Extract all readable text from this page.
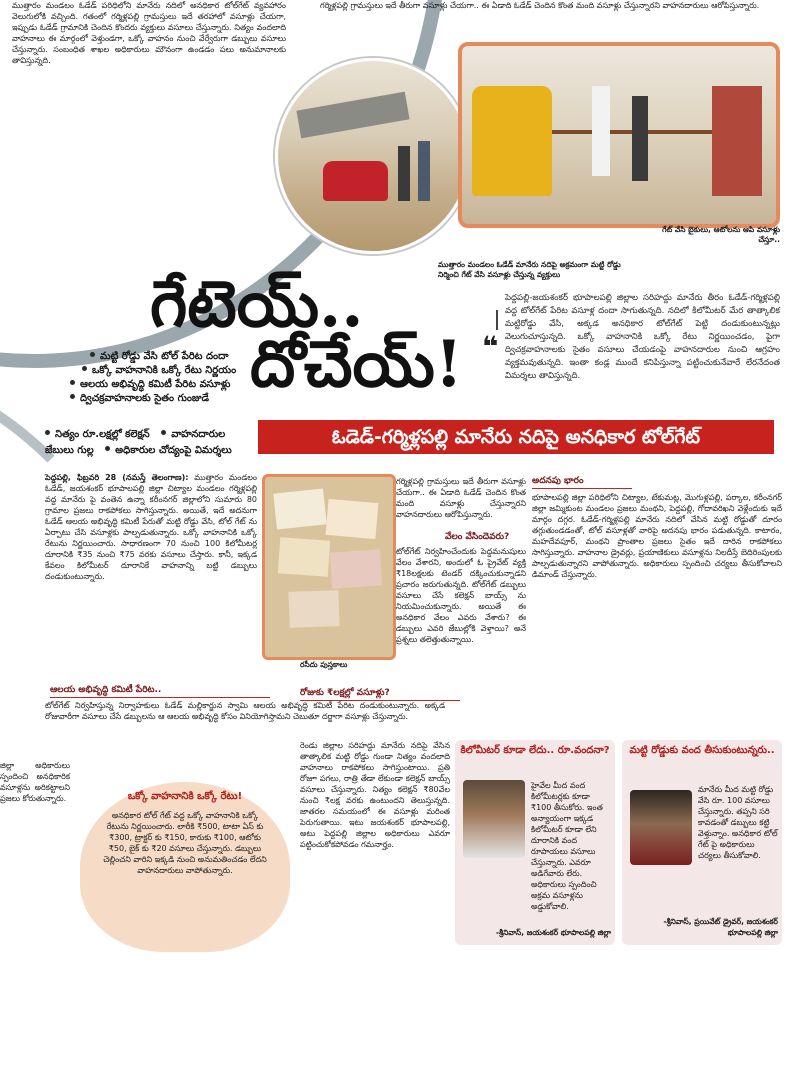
ముత్తారం మండలం ఓడేడ్ పరిధిలోని మానేరు నదిలో అనధికార టోల్‌గేట్ వ్యవహారం వెలుగులోకి వచ్చింది. గతంలో గర్మిళ్లపల్లి గ్రామస్తులు ఇదే తరహాలో వసూళ్లు చేయగా, ఇప్పుడు ఓడేడ్ గ్రామానికి చెందిన కొందరు వ్యక్తులు వసూలు చేస్తున్నారు. నిత్యం వందలాది వాహనాలు ఈ మార్గంలో వెళ్తుండగా, ఒక్కో వాహనం నుంచి వేర్వేరుగా డబ్బులు వసూలు చేస్తున్నారు. సంబంధిత శాఖల అధికారులు మౌనంగా ఉండడం పలు అనుమానాలకు తావిస్తున్నది.

గర్మిళ్లపల్లి గ్రామస్తులు ఇదే తీరుగా వసూళ్లు చేయగా.. ఈ ఏడాది ఓడేడ్ చెందిన కొంత మంది వసూళ్లు చేస్తున్నారని వాహనదారులు ఆరోపిస్తున్నారు.

గేట్ వేసి బైకులు, ఆటోలను ఆపి వసూళ్లు చేస్తూ..
ముత్తారం మండలం ఓడేడ్ మానేరు నదిపై అక్రమంగా మట్టి రోడ్డు నిర్మించి గేట్ వేసి వసూళ్లు చేస్తున్న వ్యక్తులు
గేటెయ్..
దోచేయ్! ❝
పెద్దపల్లి-జయశంకర్ భూపాలపల్లి జిల్లాల సరిహద్దు మానేరు తీరం ఓడేడ్-గర్మిళ్లపల్లి వద్ద టోల్‌గేట్ పేరిట వసూళ్ల దందా సాగుతున్నది. నదిలో కిలోమీటర్ మేర తాత్కాలిక మట్టిరోడ్డు వేసి, అక్కడ అనధికార టోల్‌గేట్ పెట్టి దండుకుంటున్నట్లు వెలుగుచూస్తున్నది. ఒక్కో వాహనానికి ఒక్కో రేటు నిర్ణయించడం, పైగా ద్విచక్రవాహనాలకు సైతం వసూలు చేయడంపై వాహనదారుల నుంచి ఆగ్రహం వ్యక్తమవుతున్నది. ఇంతా కండ్ల ముందే కనిపిస్తున్నా పట్టించుకునేవారే లేరనేదంత విమర్శలు తావిస్తున్నది.
మట్టి రోడ్డు వేసి టోల్ పేరిట దందా
ఒక్కో వాహనానికి ఒక్కో రేటు నిర్ణయం
ఆలయ అభివృద్ధి కమిటీ పేరిట వసూళ్లు
ద్విచక్రవాహనాలకు సైతం గుంజుడే
నిత్యం రూ.లక్షల్లో కలెక్షన్ వాహనదారుల
జేబులు గుల్ల అధికారుల చోద్యంపై విమర్శలు
ఓడెడ్-గర్మిళ్లపల్లి మానేరు నదిపై అనధికార టోల్‌గేట్

పెద్దపల్లి, ఫిబ్రవరి 28 (నమస్తే తెలంగాణ): ముత్తారం మండలం ఓడేడ్, జయశంకర్ భూపాలపల్లి జిల్లా చిట్యాల మండలం గర్మిళ్లపల్లి వద్ద మానేరు పై వంతెన ఉన్నా కరీంనగర్ జిల్లాలోని సుమారు 80 గ్రామాల ప్రజలు రాకపోకలు సాగిస్తున్నారు. అయితే, ఇదే అదనుగా ఓడేడ్ ఆలయ అభివృద్ధి కమిటీ పేరుతో మట్టి రోడ్డు వేసి, టోల్ గేట్ ను ఏర్పాటు చేసి వసూళ్లకు పాల్పడుతున్నారు. ఒక్కో వాహనానికి ఒక్కో రేటును నిర్ణయించారు. సాధారణంగా 70 నుంచి 100 కిలోమీటర్ల దూరానికి ₹35 నుంచి ₹75 వరకు వసూలు చేస్తారు. కానీ, ఇక్కడ కేవలం కిలోమీటర్ దూరానికే వాహనాన్ని బట్టి డబ్బులు దండుకుంటున్నారు.

ఆలయ అభివృద్ధి కమిటీ పేరిట..
టోల్‌గేట్ నిర్వహిస్తున్న నిర్వాహకులు ఓడేడ్ మల్లికార్జున స్వామి ఆలయ అభివృద్ధి కమిటీ పేరిట దండుకుంటున్నారు. అక్కడ రోజువారీగా వసూలు చేసే డబ్బులను ఆ ఆలయ అభివృద్ధి కోసం వినియోగిస్తామని చెబుతూ దర్జాగా వసూళ్లు చేస్తున్నారు.
రసీదు పుస్తకాలు
గర్మిళ్లపల్లి గ్రామస్తులు ఇదే తీరుగా వసూళ్లు చేయగా.. ఈ ఏడాది ఓడేడ్ చెందిన కొంత మంది వసూళ్లు చేస్తున్నారని వాహనదారులు ఆరోపిస్తున్నారు.
వేలం వేసిందెవరు?
టోల్‌గేట్ నిర్వహించేందుకు పెద్దమనుషులు వేలం వేశారని, అందులో ఓ ప్రైవేట్ వ్యక్తి ₹18లక్షలకు టెండర్ దక్కించుకున్నాడని ప్రచారం జరుగుతున్నది. టోల్‌గేట్ డబ్బులు వసూలు చేసే కలెక్షన్ బాయ్స్ ను నియమించుకున్నారు. అయితే ఈ అనధికార వేలం ఎవరు వేశారు? ఈ డబ్బులు ఎవరి జేబుల్లోకి వెళ్తాయి? అనే ప్రశ్నలు తలెత్తుతున్నాయి.
ఒక్కో వాహనానికి ఒక్కో రేటు!
అనధికార టోల్ గేట్ వద్ద ఒక్కో వాహనానికి ఒక్కో రేటును నిర్ణయించారు. లారీకి ₹500, టాటా ఏస్ కు ₹300, ట్రాక్టర్ కు ₹150, కారుకు ₹100, ఆటోకు ₹50, బైక్ కు ₹20 వసూలు చేస్తున్నారు. డబ్బులు చెల్లించని వారిని ఇక్కడి నుంచి అనుమతించడం లేదని వాహనదారులు వాపోతున్నారు.
జిల్లా అధికారులు స్పందించి అనధికారిక వసూళ్లను అరికట్టాలని ప్రజలు కోరుతున్నారు.
రోజుకు ₹లక్షల్లో వసూళ్లు?
రెండు జిల్లాల సరిహద్దు మానేరు నదిపై వేసిన తాత్కాలిక మట్టి రోడ్డు గుండా నిత్యం వందలాది వాహనాలు రాకపోకలు సాగిస్తుంటాయి. ప్రతి రోజూ పగలు, రాత్రి తేడా లేకుండా కలెక్షన్ బాయ్స్ వసూలు చేస్తున్నారు. నిత్యం కలెక్షన్ ₹80వేల నుంచి ₹లక్ష వరకు ఉంటుందని తెలుస్తున్నది. జాతరల సమయంలో ఈ వసూళ్లు మరింత పెరుగుతాయి. ఇటు జయశంకర్ భూపాలపల్లి, అటు పెద్దపల్లి జిల్లాల అధికారులు ఎవరూ పట్టించుకోకపోవడం గమనార్హం.
అదనపు భారం
భూపాలపల్లి జిల్లా పరిధిలోని చిట్యాల, టేకుమట్ల, మొగుళ్లపల్లి, పర్కాల, కరీంనగర్ జిల్లా జమ్మికుంట మండలం ప్రజలు మంథని, పెద్దపల్లి, గోదావరిఖని వెళ్లేందుకు ఇదే మార్గం దగ్గర. ఓడేడ్-గర్మిళ్లపల్లి మానేరు నదిలో వేసిన మట్టి రోడ్డుతో దూరం తగ్గుతుండడంతో, టోల్ వసూళ్లతో వారిపై అదనపు భారం పడుతున్నది. కాటారం, మహదేవపూర్, మంథని ప్రాంతాల ప్రజలు సైతం ఇదే దారిన రాకపోకలు సాగిస్తున్నారు. వాహనాల డ్రైవర్లు, ప్రయాణికులు వసూళ్లను నిలదీస్తే బెదిరింపులకు పాల్పడుతున్నారని వాపోతున్నారు. అధికారులు స్పందించి చర్యలు తీసుకోవాలని డిమాండ్ చేస్తున్నారు.
కిలోమీటర్ కూడా లేదు.. రూ.వందనా?
హైవేల మీద వంద కిలోమీటర్లకు కూడా ₹100 తీసుకోరు. ఇంత అన్యాయంగా ఇక్కడ కిలోమీటర్ కూడా లేని దూరానికి వంద రూపాయలు వసూలు చేస్తున్నారు. ఎవరూ అడిగేవారు లేరు. అధికారులు స్పందించి అక్రమ వసూళ్లను అడ్డుకోవాలి.
-శ్రీనివాస్, జయశంకర్ భూపాలపల్లి జిల్లా
మట్టి రోడ్డుకు వంద తీసుకుంటున్నరు..
మానేరు మీద మట్టి రోడ్డు వేసి రూ. 100 వసూలు చేస్తున్నారు. తప్పని సరి కావడంతో డబ్బులు కట్టి వెళ్తున్నాం. అనధికార టోల్ గేట్ పై అధికారులు చర్యలు తీసుకోవాలి.
-శ్రీనివాస్, ప్రయివేట్ డ్రైవర్, జయశంకర్ భూపాలపల్లి జిల్లా
